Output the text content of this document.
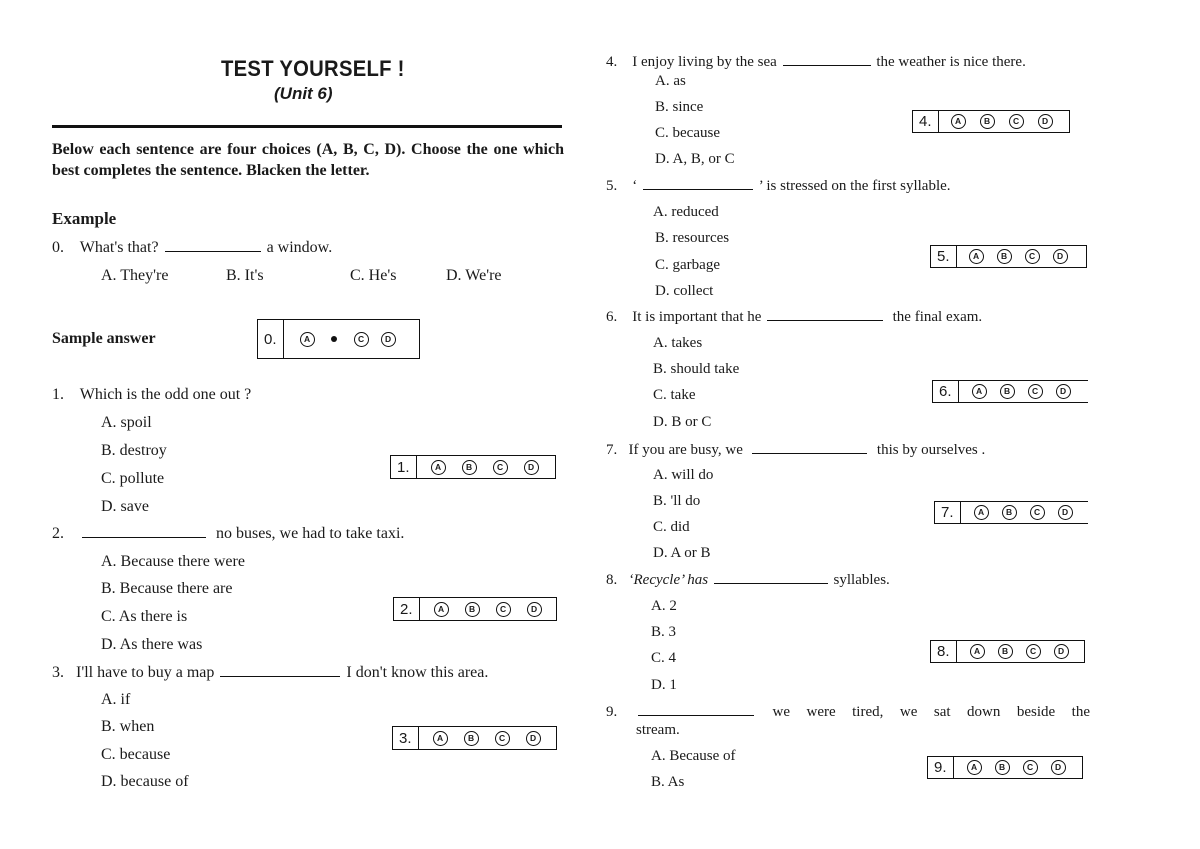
TEST YOURSELF !
(Unit 6)
Below each sentence are four choices (A, B, C, D). Choose the one which best completes the sentence. Blacken the letter.
Example
0. What's that?	a window.
A. They're	B. It's	C. He's	D. We're
Sample answer	0.	A	C	D
1. Which is the odd one out ?
A. spoil
B. destroy
C. pollute
D. save
1.	A	B	C	D
2.	no buses, we had to take taxi.
A. Because there were
B. Because there are
C. As there is
D. As there was
2.	A	B	C	D
3. I'll have to buy a map	I don't know this area.
A. if
B. when
C. because
D. because of
3.	A	B	C	D
4. I enjoy living by the sea	the weather is nice there.
A. as
B. since
C. because
D. A, B, or C
4.	A	B	C	D
5. ‘	’ is stressed on the first syllable.
A. reduced
B. resources
C. garbage
D. collect
5.	A	B	C	D
6. It is important that he	the final exam.
A. takes
B. should take
C. take
D. B or C
6.	A	B	C	D
7. If you are busy, we	this by ourselves .
A. will do
B. 'll do
C. did
D. A or B
7.	A	B	C	D
8. ‘Recycle’ has	syllables.
A. 2
B. 3
C. 4
D. 1
8.	A	B	C	D
9.	we were tired, we sat down beside the
stream.
A. Because of
B. As
9.	A	B	C	D
